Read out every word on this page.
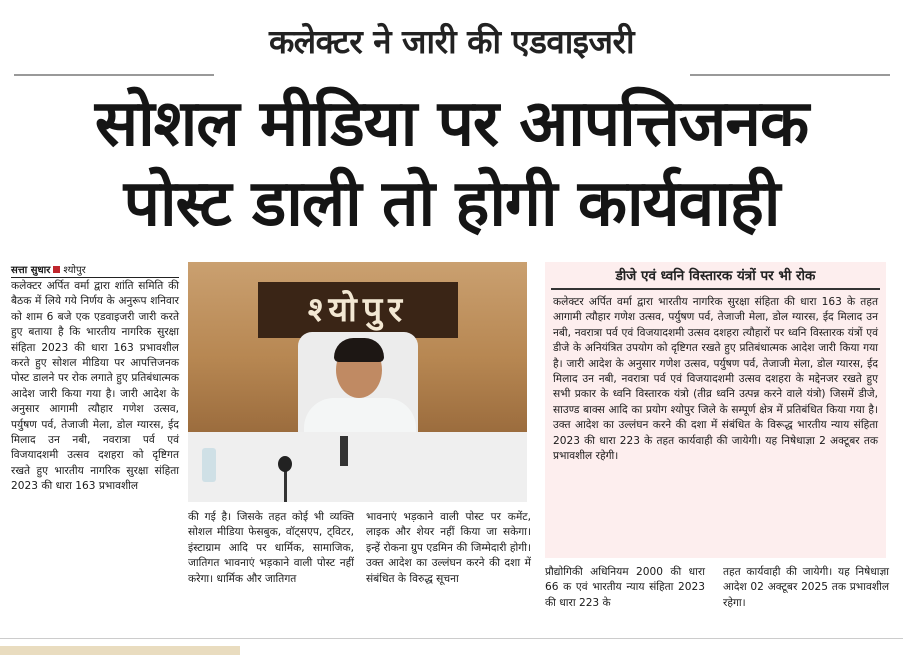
कलेक्टर ने जारी की एडवाइजरी
सोशल मीडिया पर आपत्तिजनक
पोस्ट डाली तो होगी कार्यवाही
सत्ता सुधार श्योपुर
कलेक्टर अर्पित वर्मा द्वारा शांति समिति की बैठक में लिये गये निर्णय के अनुरूप शनिवार को शाम 6 बजे एक एडवाइजरी जारी करते हुए बताया है कि भारतीय नागरिक सुरक्षा संहिता 2023 की धारा 163 प्रभावशील करते हुए सोशल मीडिया पर आपत्तिजनक पोस्ट डालने पर रोक लगाते हुए प्रतिबंधात्मक आदेश जारी किया गया है। जारी आदेश के अनुसार आगामी त्यौहार गणेश उत्सव, पर्युषण पर्व, तेजाजी मेला, डोल ग्यारस, ईद मिलाद उन नबी, नवरात्रा पर्व एवं विजयादशमी उत्सव दशहरा को दृष्टिगत रखते हुए भारतीय नागरिक सुरक्षा संहिता 2023 की धारा 163 प्रभावशील
श्योपुर
की गई है। जिसके तहत कोई भी व्यक्ति सोशल मीडिया फेसबुक, वॉट्सएप, ट्विटर, इंस्टाग्राम आदि पर धार्मिक, सामाजिक, जातिगत भावनाएं भड़काने वाली पोस्ट नहीं करेगा। धार्मिक और जातिगत
भावनाएं भड़काने वाली पोस्ट पर कमेंट, लाइक और शेयर नहीं किया जा सकेगा। इन्हें रोकना ग्रुप एडमिन की जिम्मेदारी होगी। उक्त आदेश का उल्लंघन करने की दशा में संबंधित के विरुद्ध सूचना
डीजे एवं ध्वनि विस्तारक यंत्रों पर भी रोक
कलेक्टर अर्पित वर्मा द्वारा भारतीय नागरिक सुरक्षा संहिता की धारा 163 के तहत आगामी त्यौहार गणेश उत्सव, पर्युषण पर्व, तेजाजी मेला, डोल ग्यारस, ईद मिलाद उन नबी, नवरात्रा पर्व एवं विजयादशमी उत्सव दशहरा त्यौहारों पर ध्वनि विस्तारक यंत्रों एवं डीजे के अनियंत्रित उपयोग को दृष्टिगत रखते हुए प्रतिबंधात्मक आदेश जारी किया गया है। जारी आदेश के अनुसार गणेश उत्सव, पर्युषण पर्व, तेजाजी मेला, डोल ग्यारस, ईद मिलाद उन नबी, नवरात्रा पर्व एवं विजयादशमी उत्सव दशहरा के मद्देनजर रखते हुए सभी प्रकार के ध्वनि विस्तारक यंत्रो (तीव्र ध्वनि उत्पन्न करने वाले यंत्रो) जिसमें डीजे, साउण्ड बाक्स आदि का प्रयोग श्योपुर जिले के सम्पूर्ण क्षेत्र में प्रतिबंधित किया गया है। उक्त आदेश का उल्लंघन करने की दशा में संबंधित के विरूद्ध भारतीय न्याय संहिता 2023 की धारा 223 के तहत कार्यवाही की जायेगी। यह निषेधाज्ञा 2 अक्टूबर तक प्रभावशील रहेगी।
प्रौद्योगिकी अधिनियम 2000 की धारा 66 क एवं भारतीय न्याय संहिता 2023 की धारा 223 के
तहत कार्यवाही की जायेगी। यह निषेधाज्ञा आदेश 02 अक्टूबर 2025 तक प्रभावशील रहेगा।
